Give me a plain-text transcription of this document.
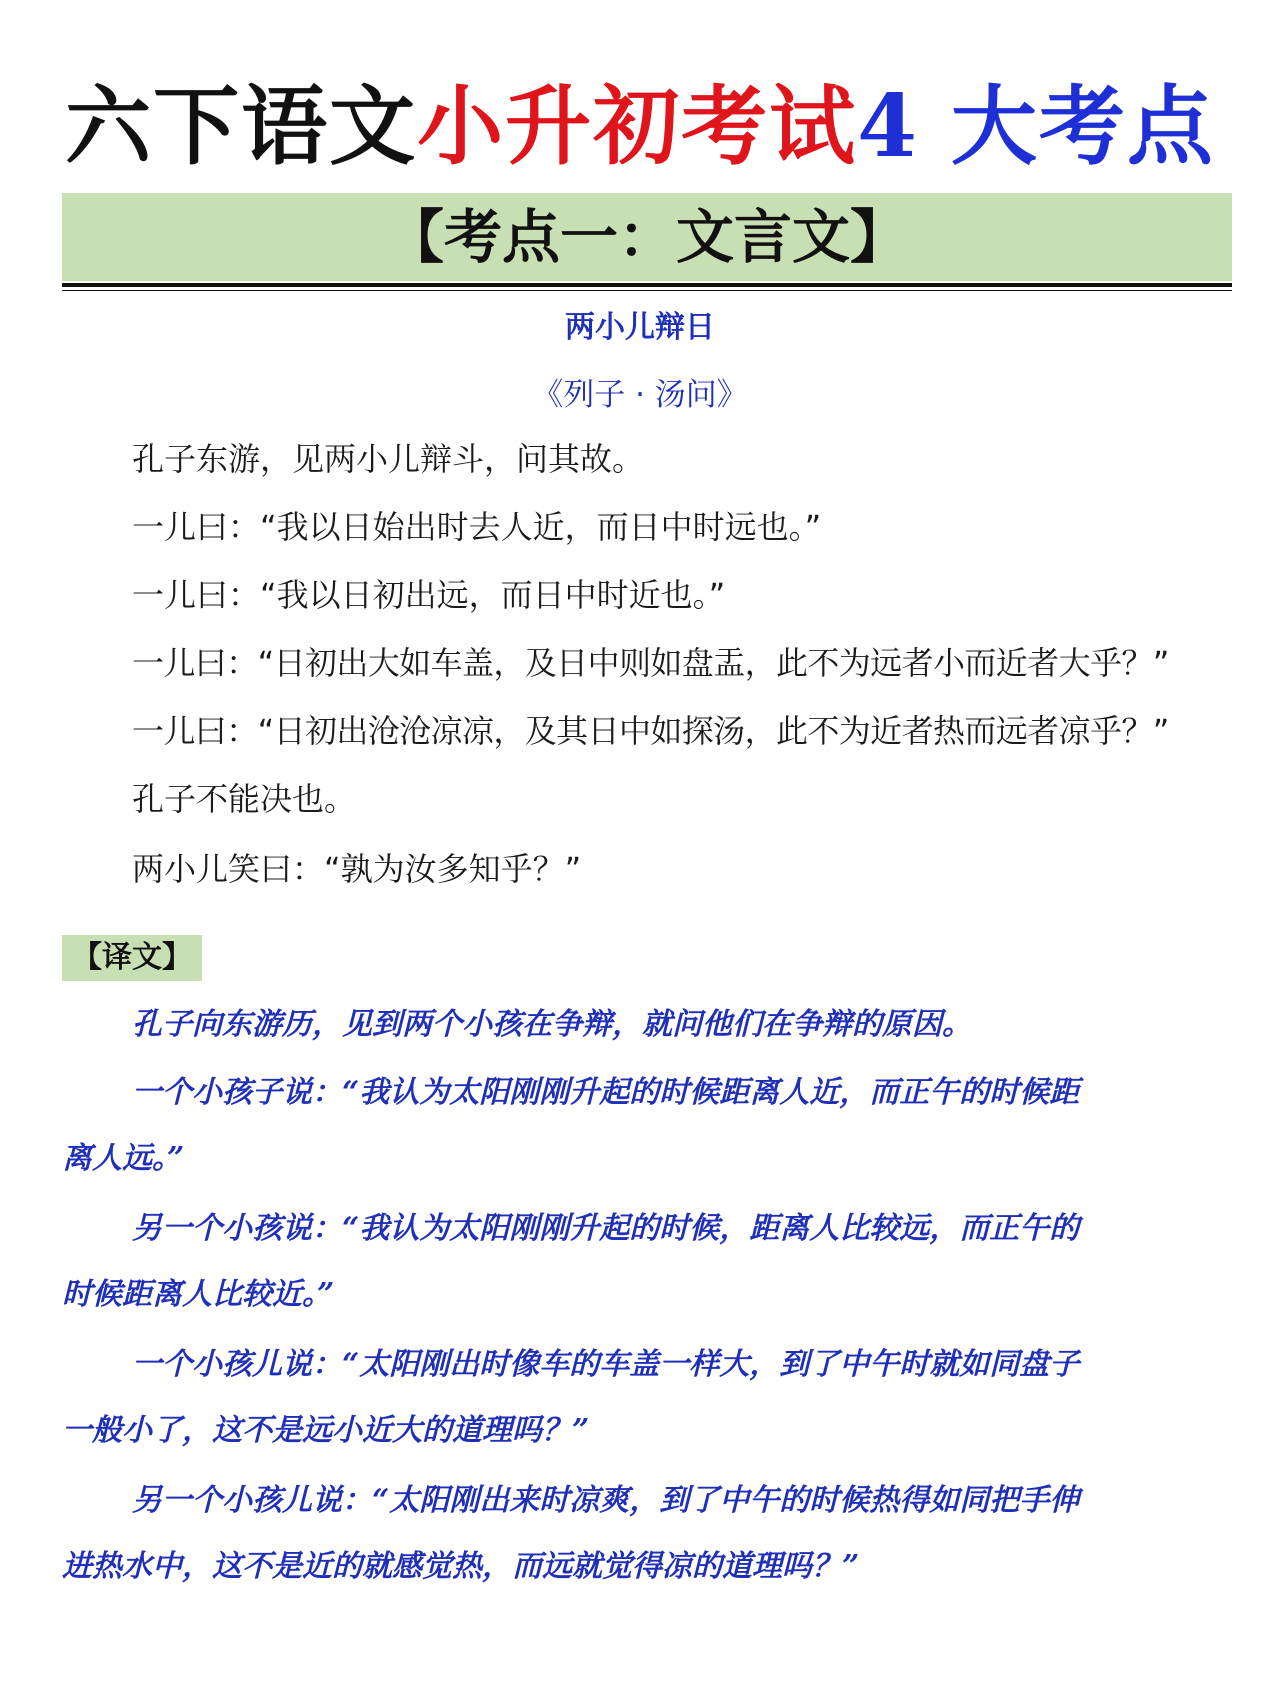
六下语文小升初考试4 大考点
【考点一：文言文】
两小儿辩日
《列子 · 汤问》
孔子东游，见两小儿辩斗，问其故。
一儿曰：“我以日始出时去人近，而日中时远也。”
一儿曰：“我以日初出远，而日中时近也。”
一儿曰：“日初出大如车盖，及日中则如盘盂，此不为远者小而近者大乎？”
一儿曰：“日初出沧沧凉凉，及其日中如探汤，此不为近者热而远者凉乎？”
孔子不能决也。
两小儿笑曰：“孰为汝多知乎？”
【译文】
孔子向东游历，见到两个小孩在争辩，就问他们在争辩的原因。
一个小孩子说：“我认为太阳刚刚升起的时候距离人近，而正午的时候距
离人远。”
另一个小孩说：“我认为太阳刚刚升起的时候，距离人比较远，而正午的
时候距离人比较近。”
一个小孩儿说：“太阳刚出时像车的车盖一样大，到了中午时就如同盘子
一般小了，这不是远小近大的道理吗？”
另一个小孩儿说：“太阳刚出来时凉爽，到了中午的时候热得如同把手伸
进热水中，这不是近的就感觉热，而远就觉得凉的道理吗？”
